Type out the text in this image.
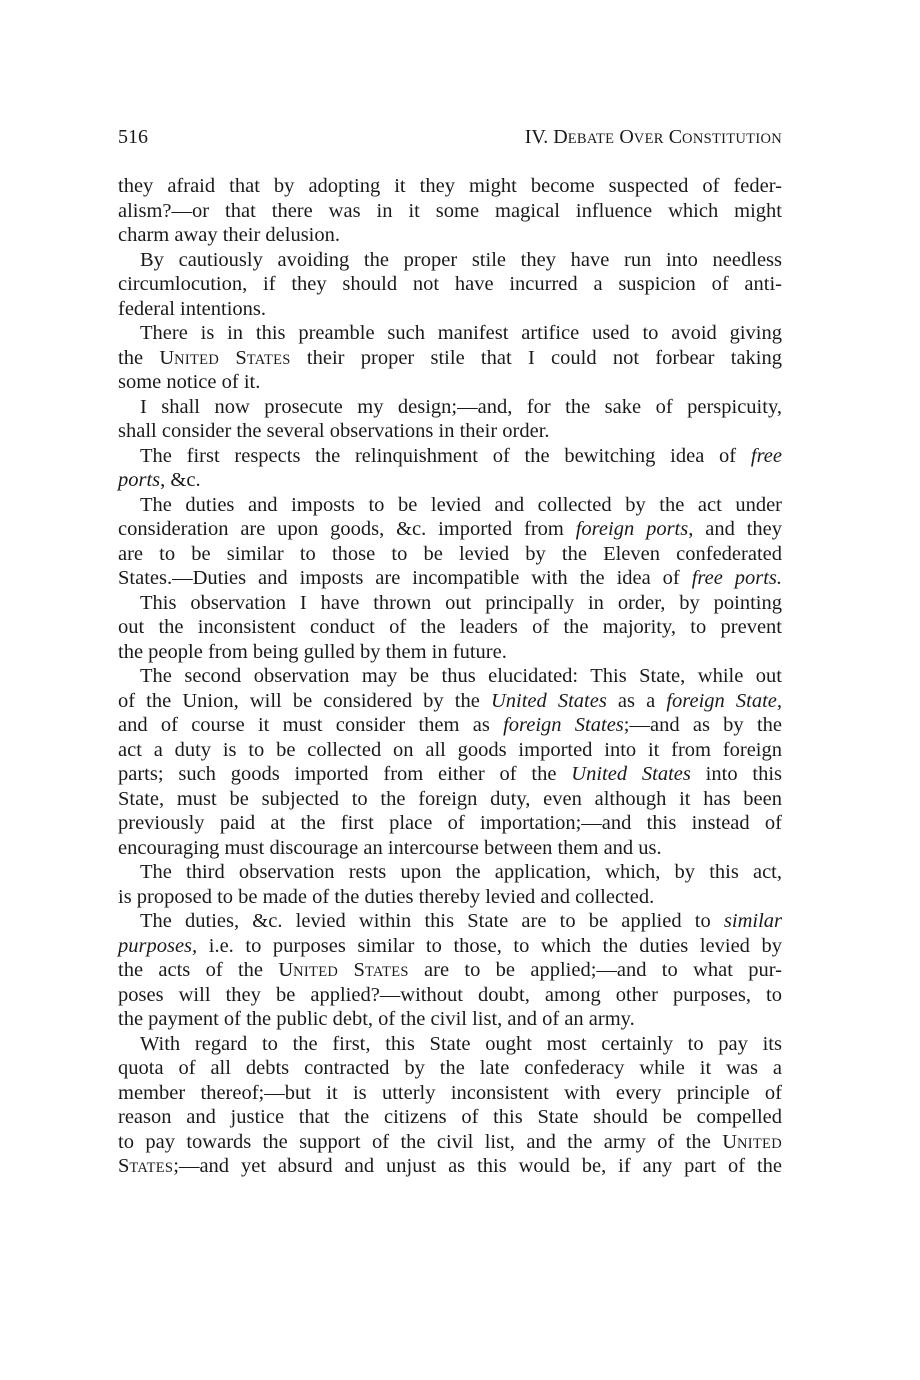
516	IV. DEBATE OVER CONSTITUTION
they afraid that by adopting it they might become suspected of feder-
alism?—or that there was in it some magical influence which might
charm away their delusion.
By cautiously avoiding the proper stile they have run into needless
circumlocution, if they should not have incurred a suspicion of anti-
federal intentions.
There is in this preamble such manifest artifice used to avoid giving
the UNITED STATES their proper stile that I could not forbear taking
some notice of it.
I shall now prosecute my design;—and, for the sake of perspicuity,
shall consider the several observations in their order.
The first respects the relinquishment of the bewitching idea of free
ports, &c.
The duties and imposts to be levied and collected by the act under
consideration are upon goods, &c. imported from foreign ports, and they
are to be similar to those to be levied by the Eleven confederated
States.—Duties and imposts are incompatible with the idea of free ports.
This observation I have thrown out principally in order, by pointing
out the inconsistent conduct of the leaders of the majority, to prevent
the people from being gulled by them in future.
The second observation may be thus elucidated: This State, while out
of the Union, will be considered by the United States as a foreign State,
and of course it must consider them as foreign States;—and as by the
act a duty is to be collected on all goods imported into it from foreign
parts; such goods imported from either of the United States into this
State, must be subjected to the foreign duty, even although it has been
previously paid at the first place of importation;—and this instead of
encouraging must discourage an intercourse between them and us.
The third observation rests upon the application, which, by this act,
is proposed to be made of the duties thereby levied and collected.
The duties, &c. levied within this State are to be applied to similar
purposes, i.e. to purposes similar to those, to which the duties levied by
the acts of the UNITED STATES are to be applied;—and to what pur-
poses will they be applied?—without doubt, among other purposes, to
the payment of the public debt, of the civil list, and of an army.
With regard to the first, this State ought most certainly to pay its
quota of all debts contracted by the late confederacy while it was a
member thereof;—but it is utterly inconsistent with every principle of
reason and justice that the citizens of this State should be compelled
to pay towards the support of the civil list, and the army of the UNITED
STATES;—and yet absurd and unjust as this would be, if any part of the
